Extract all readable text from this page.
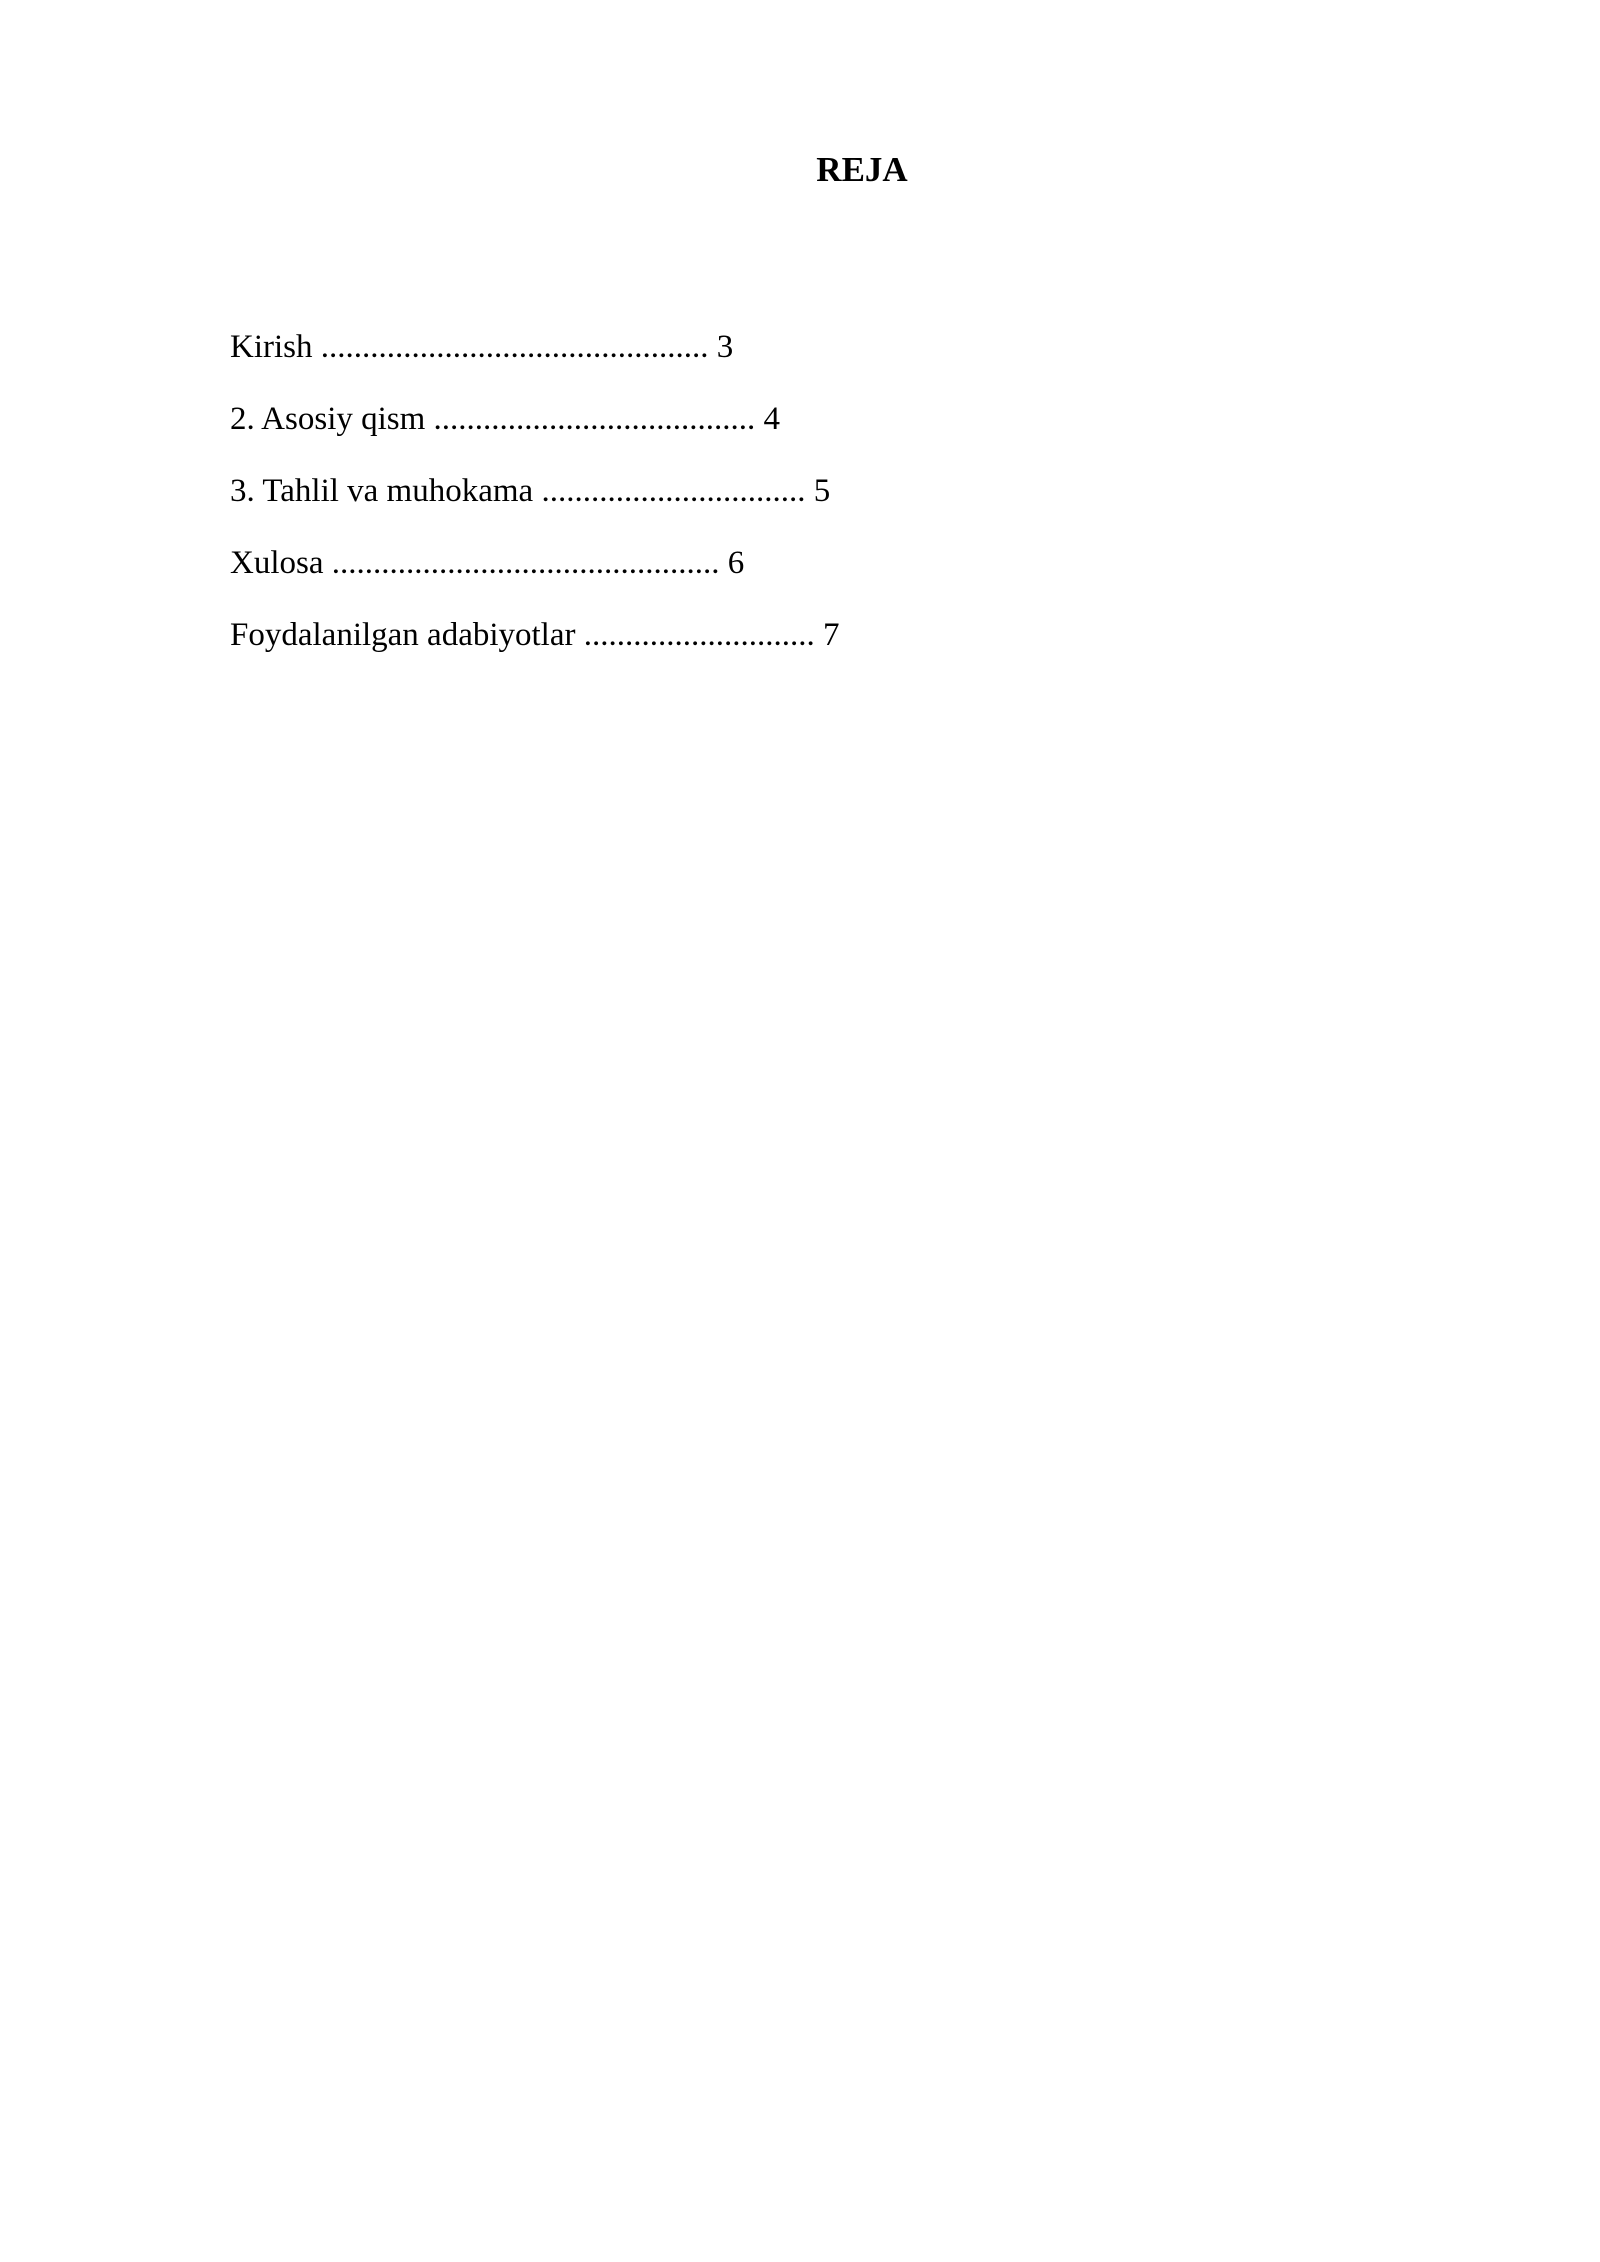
REJA
Kirish ............................................... 3
2. Asosiy qism ....................................... 4
3. Tahlil va muhokama ................................ 5
Xulosa ............................................... 6
Foydalanilgan adabiyotlar ............................ 7
